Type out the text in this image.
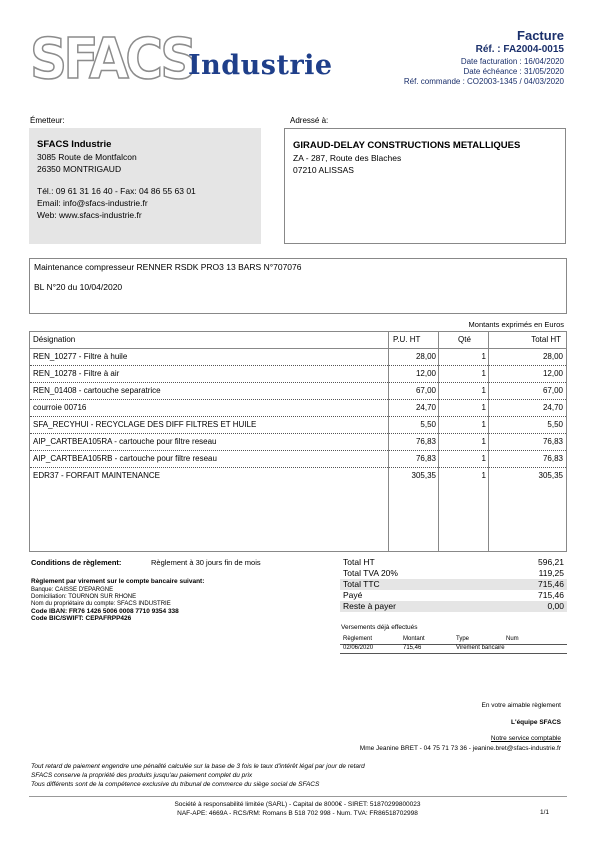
SFACS
Industrie
Facture
Réf. : FA2004-0015
Date facturation : 16/04/2020
Date échéance : 31/05/2020
Réf. commande : CO2003-1345 / 04/03/2020
Émetteur:	Adressé à:
SFACS Industrie
3085 Route de Montfalcon
26350 MONTRIGAUD
Tél.: 09 61 31 16 40 - Fax: 04 86 55 63 01
Email: info@sfacs-industrie.fr
Web: www.sfacs-industrie.fr
GIRAUD-DELAY CONSTRUCTIONS METALLIQUES
ZA - 287, Route des Blaches
07210 ALISSAS
Maintenance compresseur RENNER RSDK PRO3 13 BARS N°707076
BL N°20 du 10/04/2020
Montants exprimés en Euros
Désignation	P.U. HT	Qté	Total HT
REN_10277 - Filtre à huile	28,00	1	28,00
REN_10278 - Filtre à air	12,00	1	12,00
REN_01408 - cartouche separatrice	67,00	1	67,00
courroie 00716	24,70	1	24,70
SFA_RECYHUI - RECYCLAGE DES DIFF FILTRES ET HUILE	5,50	1	5,50
AIP_CARTBEA105RA - cartouche pour filtre reseau	76,83	1	76,83
AIP_CARTBEA105RB - cartouche pour filtre reseau	76,83	1	76,83
EDR37 - FORFAIT MAINTENANCE	305,35	1	305,35
Conditions de règlement:	Règlement à 30 jours fin de mois
Règlement par virement sur le compte bancaire suivant:
Banque: CAISSE D'EPARGNE
Domiciliation: TOURNON SUR RHONE
Nom du propriétaire du compte: SFACS INDUSTRIE
Code IBAN: FR76 1426 5006 0008 7710 9354 338
Code BIC/SWIFT: CEPAFRPP426
Total HT	596,21
Total TVA 20%	119,25
Total TTC	715,46
Payé	715,46
Reste à payer	0,00
Versements déjà effectués
Règlement	Montant	Type	Num
02/06/2020	715,46	Virement bancaire
En votre aimable règlement
L'équipe SFACS
Notre service comptable
Mme Jeanine BRET - 04 75 71 73 36 - jeanine.bret@sfacs-industrie.fr
Tout retard de paiement engendre une pénalité calculée sur la base de 3 fois le taux d'intérêt légal par jour de retard
SFACS conserve la propriété des produits jusqu'au paiement complet du prix
Tous différents sont de la compétence exclusive du tribunal de commerce du siège social de SFACS
Société à responsabilité limitée (SARL) - Capital de 8000€ - SIRET: 51870299800023
NAF-APE: 4669A - RCS/RM: Romans B 518 702 998 - Num. TVA: FR86518702998	1/1
